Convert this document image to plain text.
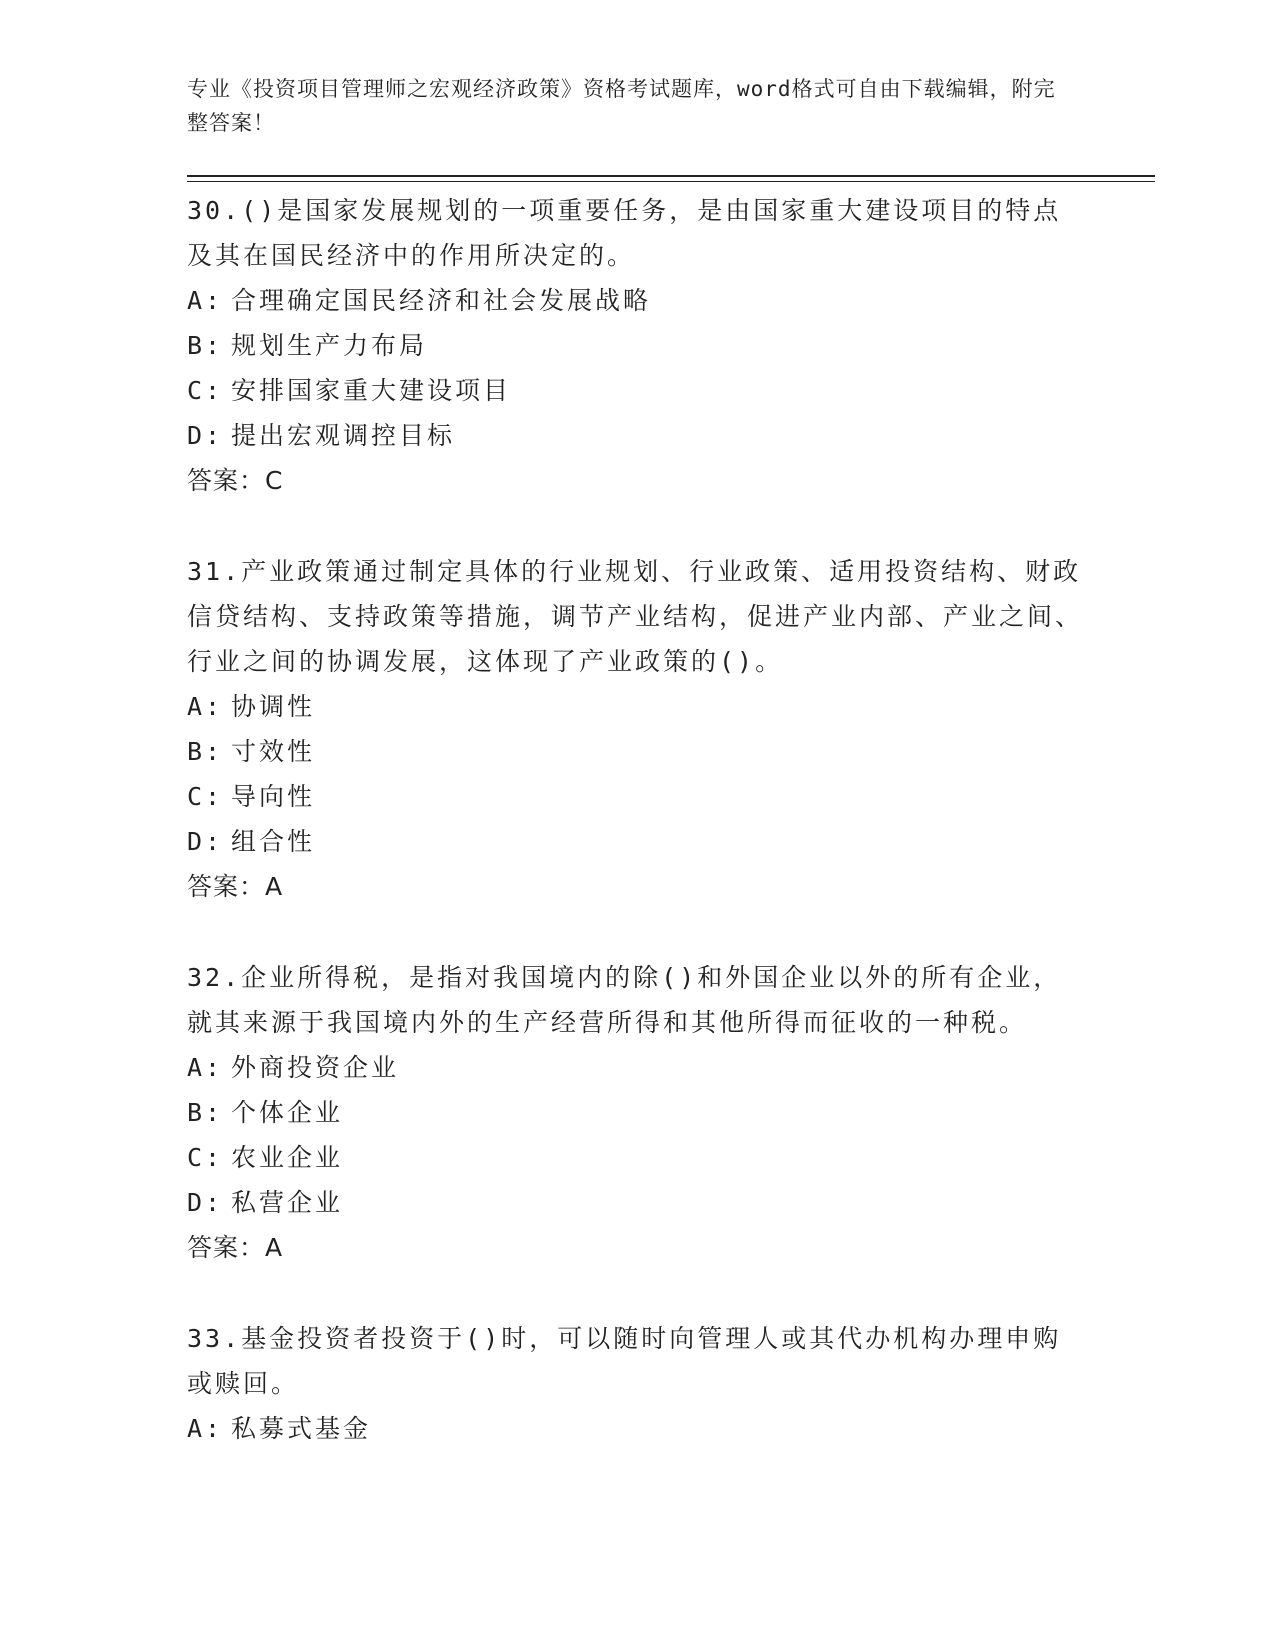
专业《投资项目管理师之宏观经济政策》资格考试题库，word格式可自由下载编辑，附完整答案！

30.()是国家发展规划的一项重要任务，是由国家重大建设项目的特点及其在国民经济中的作用所决定的。

A: 合理确定国民经济和社会发展战略

B: 规划生产力布局

C: 安排国家重大建设项目

D: 提出宏观调控目标

答案：C

31.产业政策通过制定具体的行业规划、行业政策、适用投资结构、财政信贷结构、支持政策等措施，调节产业结构，促进产业内部、产业之间、行业之间的协调发展，这体现了产业政策的()。

A: 协调性

B: 寸效性

C: 导向性

D: 组合性

答案：A

32.企业所得税，是指对我国境内的除()和外国企业以外的所有企业，就其来源于我国境内外的生产经营所得和其他所得而征收的一种税。

A: 外商投资企业

B: 个体企业

C: 农业企业

D: 私营企业

答案：A

33.基金投资者投资于()时，可以随时向管理人或其代办机构办理申购或赎回。

A: 私募式基金
